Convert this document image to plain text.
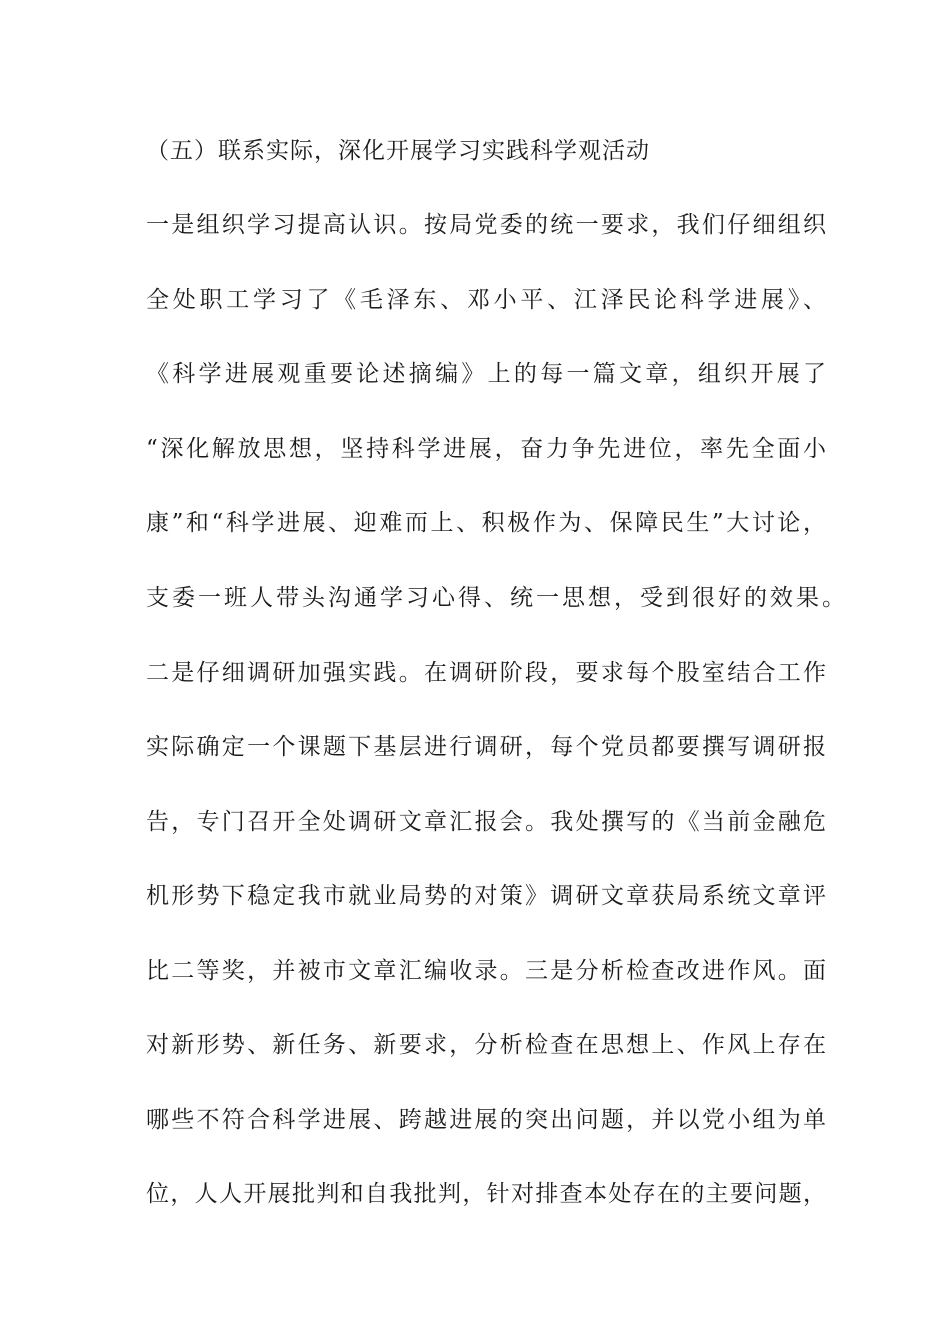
（五）联系实际，深化开展学习实践科学观活动
一是组织学习提高认识。按局党委的统一要求，我们仔细组织
全处职工学习了《毛泽东、邓小平、江泽民论科学进展》、
《科学进展观重要论述摘编》上的每一篇文章，组织开展了
“深化解放思想，坚持科学进展，奋力争先进位，率先全面小
康”和“科学进展、迎难而上、积极作为、保障民生”大讨论，
支委一班人带头沟通学习心得、统一思想，受到很好的效果。
二是仔细调研加强实践。在调研阶段，要求每个股室结合工作
实际确定一个课题下基层进行调研，每个党员都要撰写调研报
告，专门召开全处调研文章汇报会。我处撰写的《当前金融危
机形势下稳定我市就业局势的对策》调研文章获局系统文章评
比二等奖，并被市文章汇编收录。三是分析检查改进作风。面
对新形势、新任务、新要求，分析检查在思想上、作风上存在
哪些不符合科学进展、跨越进展的突出问题，并以党小组为单
位，人人开展批判和自我批判，针对排查本处存在的主要问题，
